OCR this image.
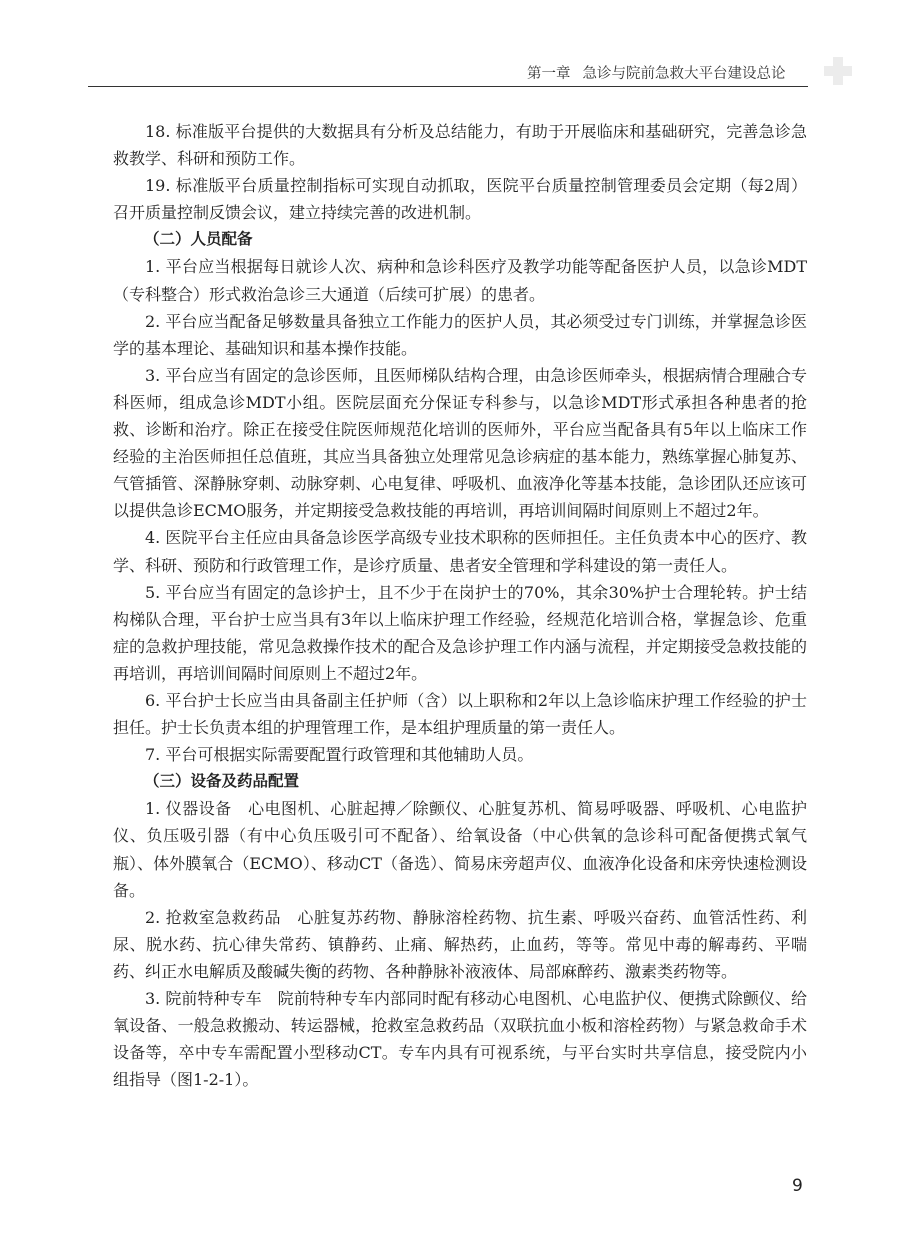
第一章 急诊与院前急救大平台建设总论

18. 标准版平台提供的大数据具有分析及总结能力，有助于开展临床和基础研究，完善急诊急救教学、科研和预防工作。

19. 标准版平台质量控制指标可实现自动抓取，医院平台质量控制管理委员会定期（每2周）召开质量控制反馈会议，建立持续完善的改进机制。

（二）人员配备

1. 平台应当根据每日就诊人次、病种和急诊科医疗及教学功能等配备医护人员，以急诊MDT（专科整合）形式救治急诊三大通道（后续可扩展）的患者。

2. 平台应当配备足够数量具备独立工作能力的医护人员，其必须受过专门训练，并掌握急诊医学的基本理论、基础知识和基本操作技能。

3. 平台应当有固定的急诊医师，且医师梯队结构合理，由急诊医师牵头，根据病情合理融合专科医师，组成急诊MDT小组。医院层面充分保证专科参与，以急诊MDT形式承担各种患者的抢救、诊断和治疗。除正在接受住院医师规范化培训的医师外，平台应当配备具有5年以上临床工作经验的主治医师担任总值班，其应当具备独立处理常见急诊病症的基本能力，熟练掌握心肺复苏、气管插管、深静脉穿刺、动脉穿刺、心电复律、呼吸机、血液净化等基本技能，急诊团队还应该可以提供急诊ECMO服务，并定期接受急救技能的再培训，再培训间隔时间原则上不超过2年。

4. 医院平台主任应由具备急诊医学高级专业技术职称的医师担任。主任负责本中心的医疗、教学、科研、预防和行政管理工作，是诊疗质量、患者安全管理和学科建设的第一责任人。

5. 平台应当有固定的急诊护士，且不少于在岗护士的70%，其余30%护士合理轮转。护士结构梯队合理，平台护士应当具有3年以上临床护理工作经验，经规范化培训合格，掌握急诊、危重症的急救护理技能，常见急救操作技术的配合及急诊护理工作内涵与流程，并定期接受急救技能的再培训，再培训间隔时间原则上不超过2年。

6. 平台护士长应当由具备副主任护师（含）以上职称和2年以上急诊临床护理工作经验的护士担任。护士长负责本组的护理管理工作，是本组护理质量的第一责任人。

7. 平台可根据实际需要配置行政管理和其他辅助人员。

（三）设备及药品配置

1. 仪器设备　心电图机、心脏起搏／除颤仪、心脏复苏机、简易呼吸器、呼吸机、心电监护仪、负压吸引器（有中心负压吸引可不配备）、给氧设备（中心供氧的急诊科可配备便携式氧气瓶）、体外膜氧合（ECMO）、移动CT（备选）、简易床旁超声仪、血液净化设备和床旁快速检测设备。

2. 抢救室急救药品　心脏复苏药物、静脉溶栓药物、抗生素、呼吸兴奋药、血管活性药、利尿、脱水药、抗心律失常药、镇静药、止痛、解热药，止血药，等等。常见中毒的解毒药、平喘药、纠正水电解质及酸碱失衡的药物、各种静脉补液液体、局部麻醉药、激素类药物等。

3. 院前特种专车　院前特种专车内部同时配有移动心电图机、心电监护仪、便携式除颤仪、给氧设备、一般急救搬动、转运器械，抢救室急救药品（双联抗血小板和溶栓药物）与紧急救命手术设备等，卒中专车需配置小型移动CT。专车内具有可视系统，与平台实时共享信息，接受院内小组指导（图1-2-1）。

9
